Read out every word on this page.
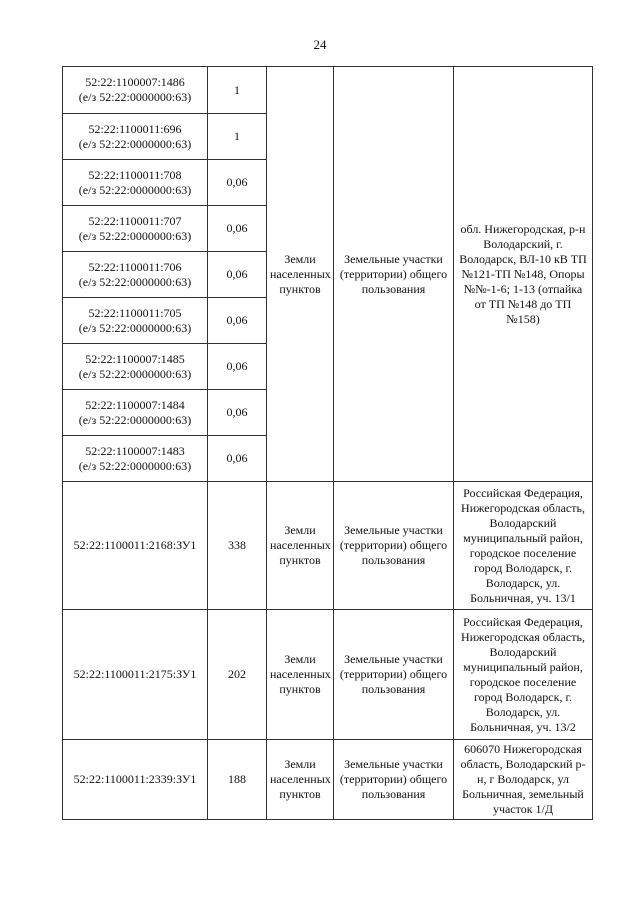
24
52:22:1100007:1486
(е/з 52:22:0000000:63)	1	Земли населенных пунктов	Земельные участки (территории) общего пользования	обл. Нижегородская, р-н Володарский, г. Володарск, ВЛ-10 кВ ТП №121-ТП №148, Опоры №№-1-6; 1-13 (отпайка от ТП №148 до ТП №158)
52:22:1100011:696
(е/з 52:22:0000000:63)	1			
52:22:1100011:708
(е/з 52:22:0000000:63)	0,06			
52:22:1100011:707
(е/з 52:22:0000000:63)	0,06			
52:22:1100011:706
(е/з 52:22:0000000:63)	0,06			
52:22:1100011:705
(е/з 52:22:0000000:63)	0,06			
52:22:1100007:1485
(е/з 52:22:0000000:63)	0,06			
52:22:1100007:1484
(е/з 52:22:0000000:63)	0,06			
52:22:1100007:1483
(е/з 52:22:0000000:63)	0,06			
52:22:1100011:2168:ЗУ1	338	Земли населенных пунктов	Земельные участки (территории) общего пользования	Российская Федерация, Нижегородская область, Володарский муниципальный район, городское поселение город Володарск, г. Володарск, ул. Больничная, уч. 13/1
52:22:1100011:2175:ЗУ1	202	Земли населенных пунктов	Земельные участки (территории) общего пользования	Российская Федерация, Нижегородская область, Володарский муниципальный район, городское поселение город Володарск, г. Володарск, ул. Больничная, уч. 13/2
52:22:1100011:2339:ЗУ1	188	Земли населенных пунктов	Земельные участки (территории) общего пользования	606070 Нижегородская область, Володарский р-н, г Володарск, ул Больничная, земельный участок 1/Д
